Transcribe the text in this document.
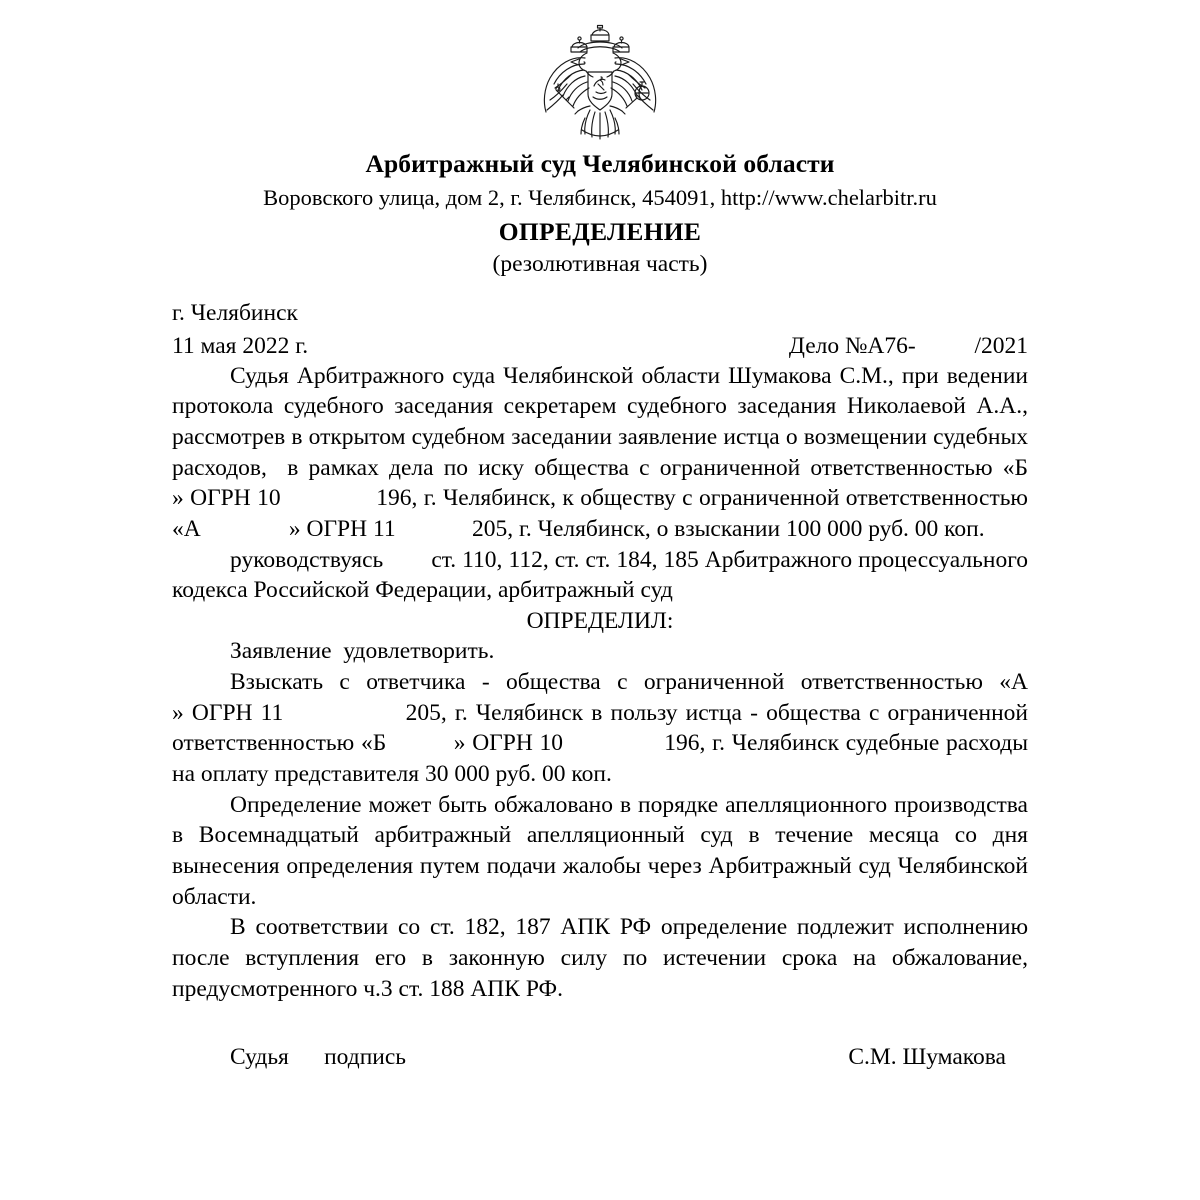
Арбитражный суд Челябинской области
Воровского улица, дом 2, г. Челябинск, 454091, http://www.chelarbitr.ru
ОПРЕДЕЛЕНИЕ
(резолютивная часть)
г. Челябинск
11 мая 2022 г.	Дело №А76-	/2021

Судья Арбитражного суда Челябинской области Шумакова С.М., при ведении протокола судебного заседания секретарем судебного заседания Николаевой А.А.,   рассмотрев в открытом судебном заседании заявление истца о возмещении судебных расходов,  в рамках дела по иску общества с ограниченной ответственностью «Б          » ОГРН 10               196, г. Челябинск, к обществу с ограниченной ответственностью «А               » ОГРН 11             205, г. Челябинск, о взыскании 100 000 руб. 00 коп.

руководствуясь        ст. 110, 112, ст. ст. 184, 185 Арбитражного процессуального кодекса Российской Федерации, арбитражный суд

ОПРЕДЕЛИЛ:

Заявление  удовлетворить.

Взыскать с ответчика - общества с ограниченной ответственностью «А              » ОГРН 11               205, г. Челябинск в пользу истца - общества с ограниченной ответственностью «Б          » ОГРН 10               196, г. Челябинск судебные расходы на оплату представителя 30 000 руб. 00 коп.

Определение может быть обжаловано в порядке апелляционного производства в Восемнадцатый арбитражный апелляционный суд в течение месяца со дня вынесения определения путем подачи жалобы через Арбитражный суд Челябинской области.

В соответствии со ст. 182, 187 АПК РФ определение подлежит исполнению после вступления его в законную силу по истечении срока на обжалование, предусмотренного ч.3 ст. 188 АПК РФ.

Судья подпись	С.М. Шумакова
